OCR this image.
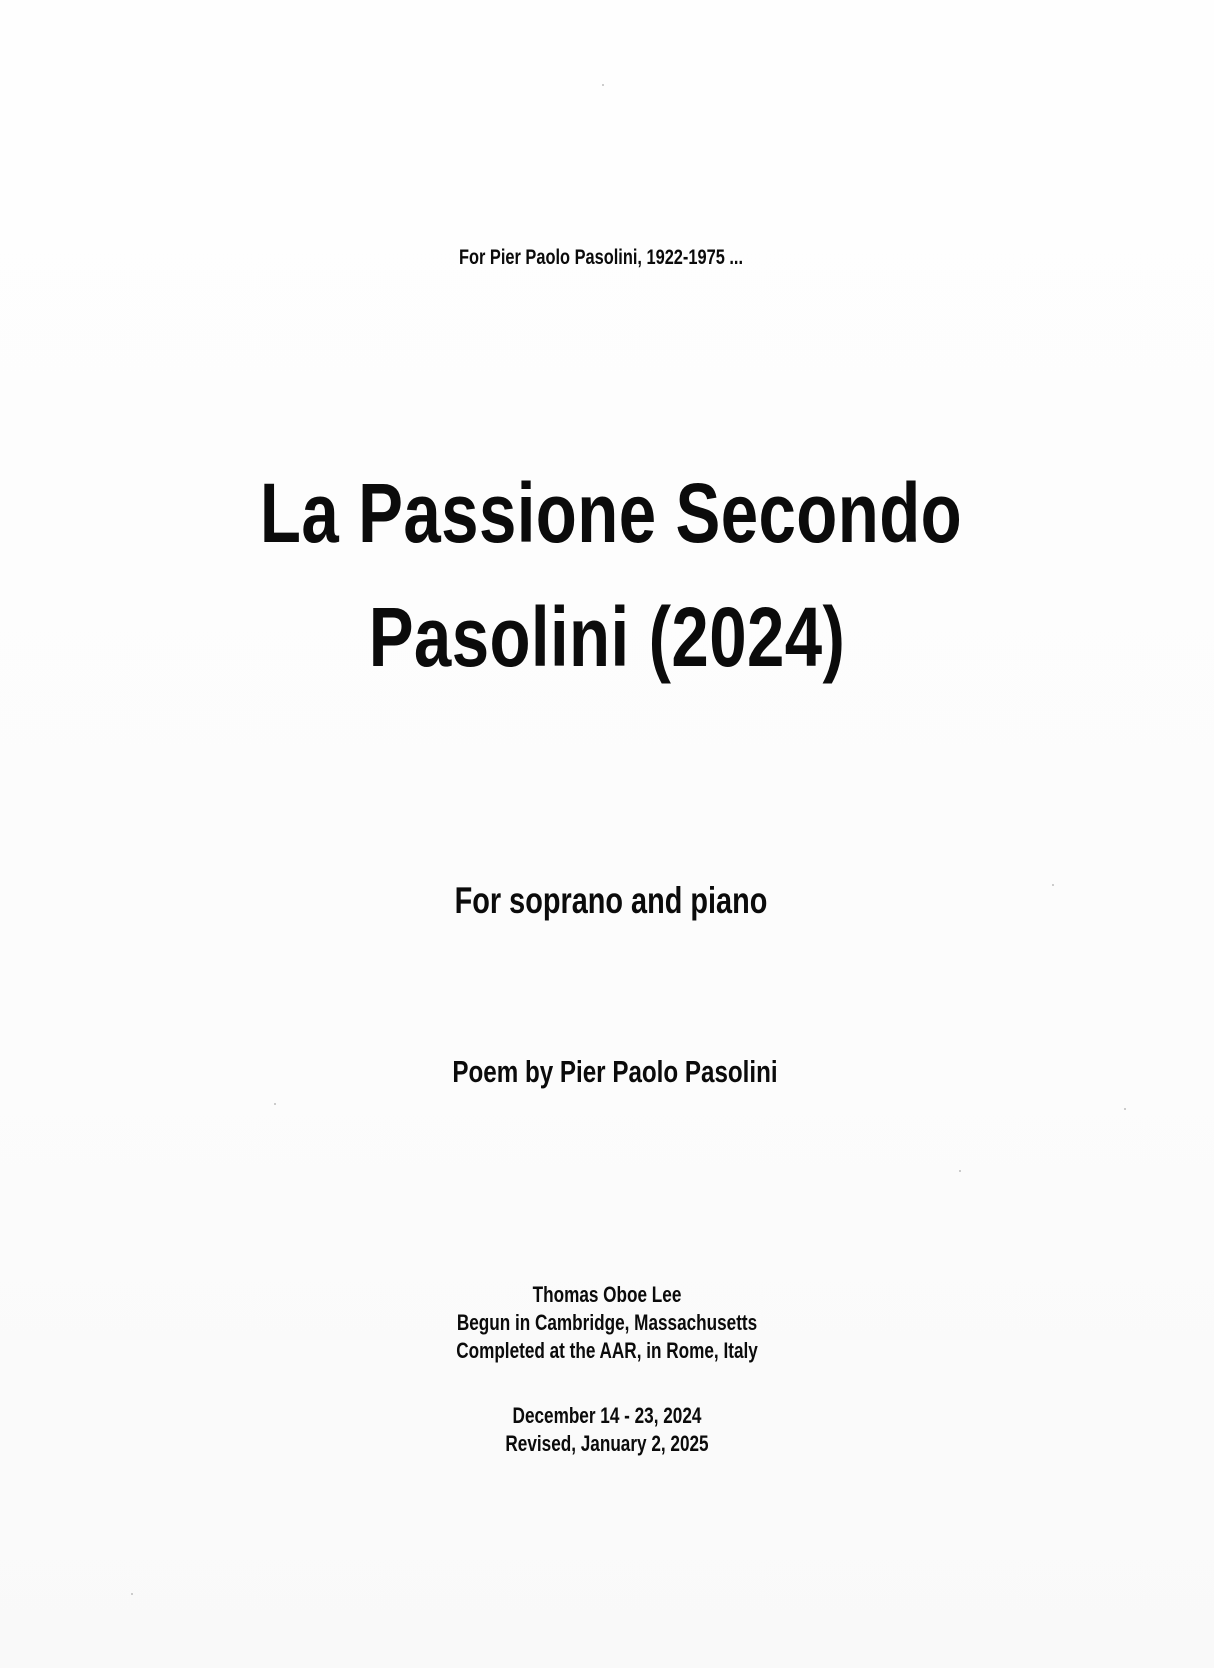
For Pier Paolo Pasolini, 1922-1975 ...
La Passione Secondo
Pasolini (2024)
For soprano and piano
Poem by Pier Paolo Pasolini
Thomas Oboe Lee
Begun in Cambridge, Massachusetts
Completed at the AAR, in Rome, Italy
December 14 - 23, 2024
Revised, January 2, 2025
